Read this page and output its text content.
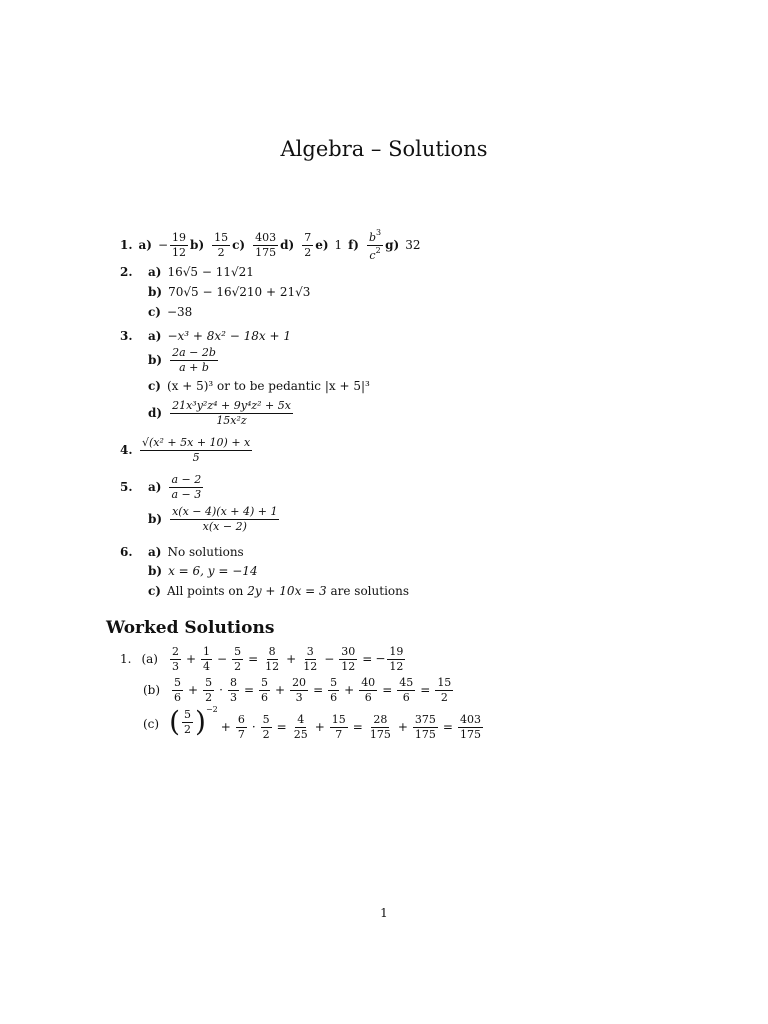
Algebra – Solutions
1. $a) - \frac{19}{12} b) \frac{15}{2} c) \frac{403}{175} d) \frac{7}{2} e$) 1 $f) \frac{b^3}{c^2} g$) 32
2.	a) 16√5 − 11√21
b) 70√5 − 16√210 + 21√3
c) −38
3.	a) −x³ + 8x² − 18x + 1
$b) \frac{2a - 2b}{a + b}$
c) (x + 5)³ or to be pedantic |x + 5|³
$d) \frac{\text{21x³y²z⁴ + 9y⁴z² + 5x}}{\text{15x²z}}$
4. $\frac{\text{√(x² + 5x + 10) + x}}{5}$
5.	$a) \frac{a - 2}{a - 3}$
$b) \frac{x(x - 4)(x + 4) + 1}{x(x - 2)}$
6.	a) No solutions
b) x = 6, y = −14
c) All points on
2y + 10x = 3
are solutions
Worked Solutions
1. $(a) \frac{2}{3} + \frac{1}{4} - \frac{5}{2} = \frac{8}{12} + \frac{3}{12} - \frac{30}{12}$ = − $\frac{19}{12}$
$(b) \frac{5}{6} + \frac{5}{2} \cdot \frac{8}{3} = \frac{5}{6} + \frac{20}{3} = \frac{5}{6} + \frac{40}{6} = \frac{45}{6} = \frac{15}{2}$
(c) ( $\frac{5}{2}$ ) −2
+ $\frac{6}{7} \cdot \frac{5}{2} = \frac{4}{25} + \frac{15}{7} = \frac{28}{175} + \frac{375}{175} = \frac{403}{175}$
1
